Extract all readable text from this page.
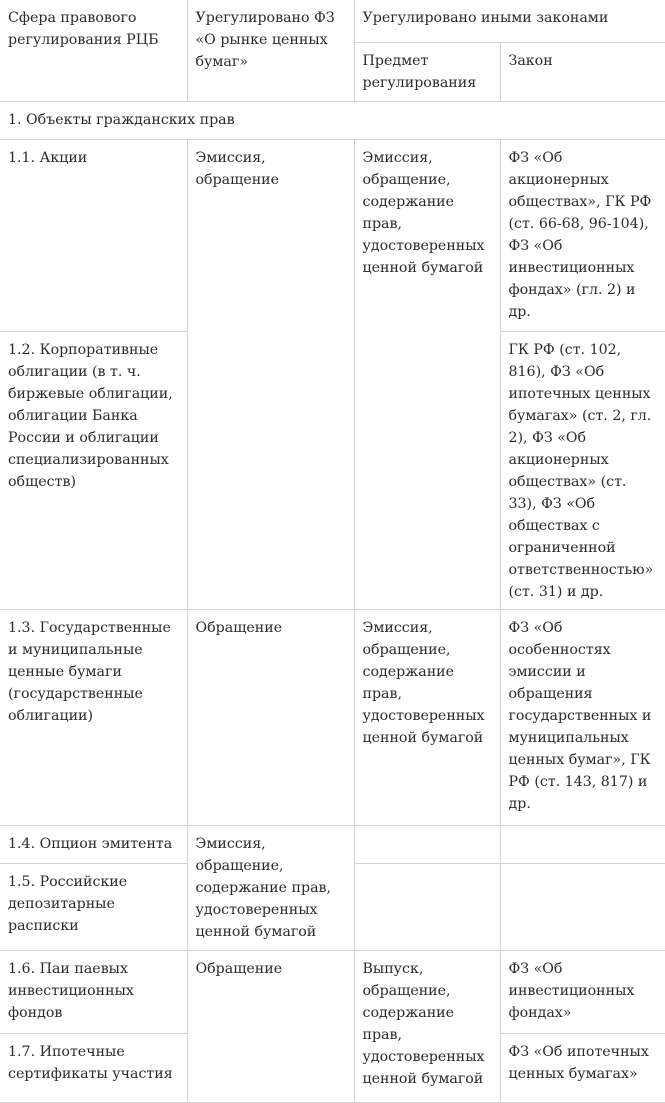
Сфера правового регулирования РЦБ	Урегулировано ФЗ «О рынке ценных бумаг»	Урегулировано иными законами	
		Предмет регулирования	Закон
1. Объекты гражданских прав			
1.1. Акции	Эмиссия, обращение	Эмиссия, обращение, содержание прав, удостоверенных ценной бумагой	ФЗ «Об акционерных обществах», ГК РФ (ст. 66-68, 96-104), ФЗ «Об инвестиционных фондах» (гл. 2) и др.
1.2. Корпоративные облигации (в т. ч. биржевые облигации, облигации Банка России и облигации специализированных обществ)			ГК РФ (ст. 102, 816), ФЗ «Об ипотечных ценных бумагах» (ст. 2, гл. 2), ФЗ «Об акционерных обществах» (ст. 33), ФЗ «Об обществах с ограниченной ответственностью» (ст. 31) и др.
1.3. Государственные и муниципальные ценные бумаги (государственные облигации)	Обращение	Эмиссия, обращение, содержание прав, удостоверенных ценной бумагой	ФЗ «Об особенностях эмиссии и обращения государственных и муниципальных ценных бумаг», ГК РФ (ст. 143, 817) и др.
1.4. Опцион эмитента	Эмиссия, обращение, содержание прав, удостоверенных ценной бумагой		
1.5. Российские депозитарные расписки			
1.6. Паи паевых инвестиционных фондов	Обращение	Выпуск, обращение, содержание прав, удостоверенных ценной бумагой	ФЗ «Об инвестиционных фондах»
1.7. Ипотечные сертификаты участия			ФЗ «Об ипотечных ценных бумагах»
